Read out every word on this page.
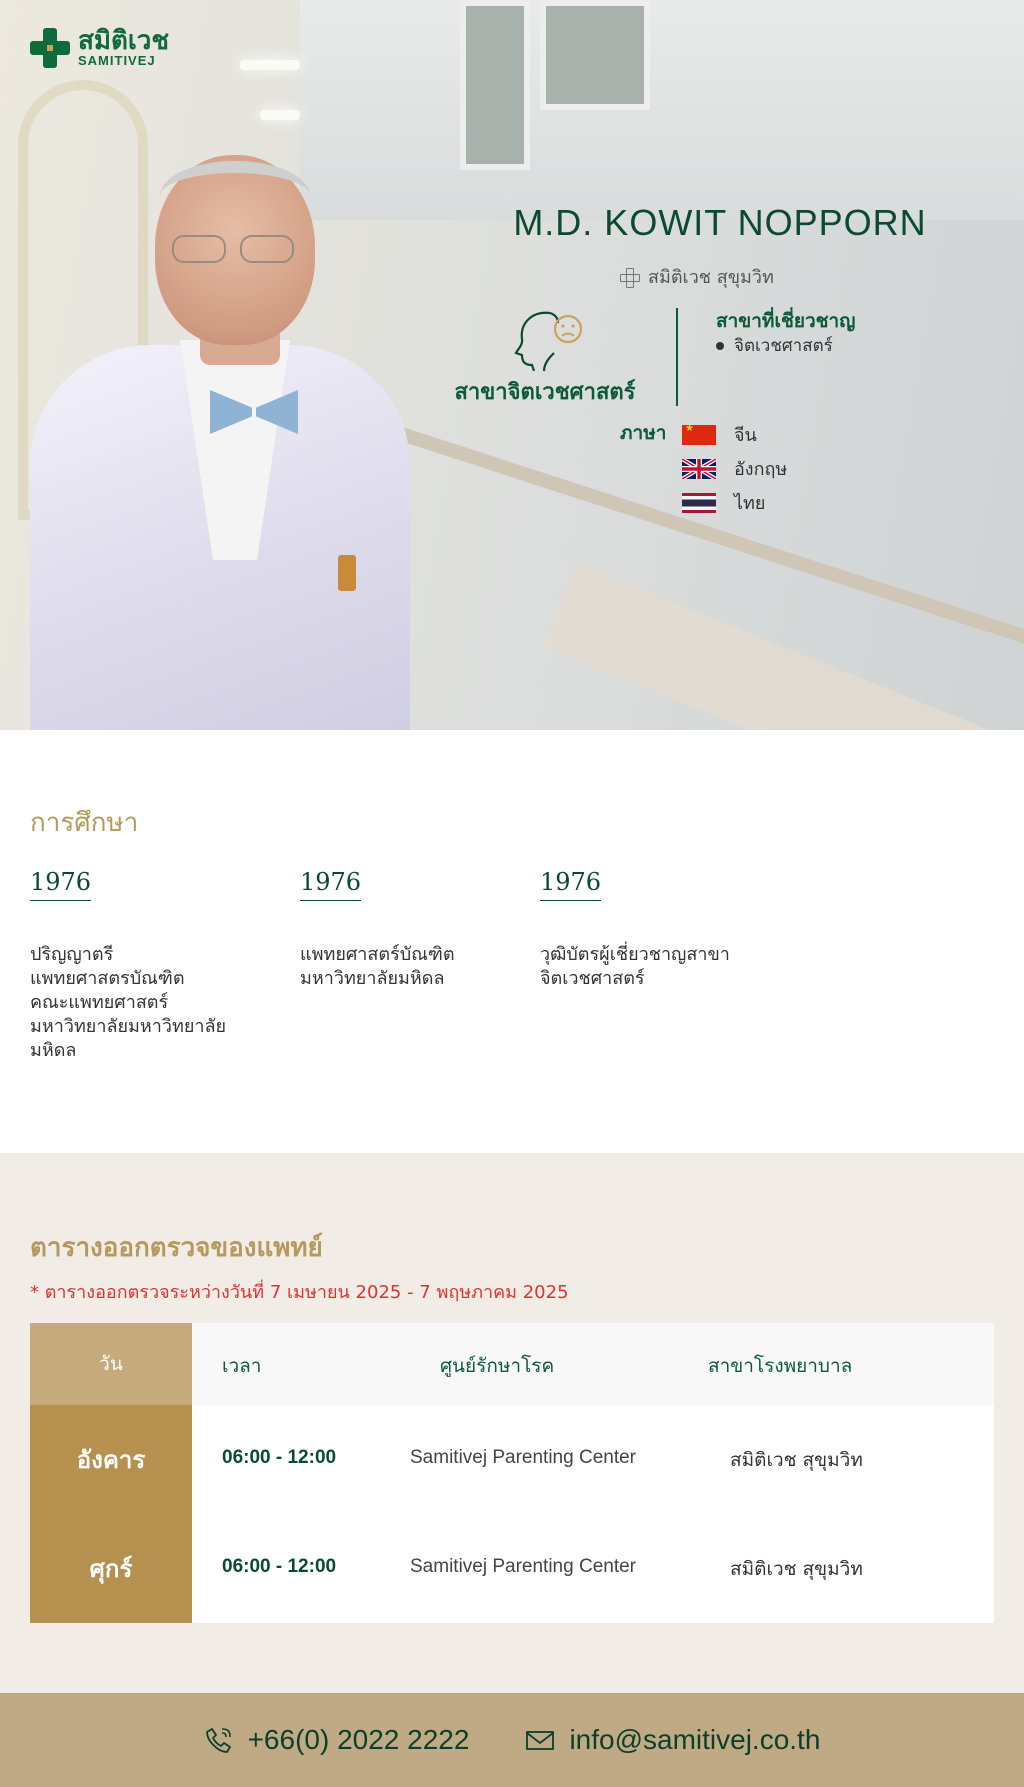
สมิติเวช
SAMITIVEJ
M.D. KOWIT NOPPORN
สมิติเวช สุขุมวิท
สาขาจิตเวชศาสตร์
สาขาที่เชี่ยวชาญ
จิตเวชศาสตร์
ภาษา
★	จีน
อังกฤษ
ไทย
การศึกษา
1976
ปริญญาตรี
แพทยศาสตรบัณฑิต
คณะแพทยศาสตร์
มหาวิทยาลัยมหาวิทยาลัย
มหิดล
1976
แพทยศาสตร์บัณฑิต
มหาวิทยาลัยมหิดล
1976
วุฒิบัตรผู้เชี่ยวชาญสาขา
จิตเวชศาสตร์
ตารางออกตรวจของแพทย์
* ตารางออกตรวจระหว่างวันที่ 7 เมษายน 2025 - 7 พฤษภาคม 2025
วัน	เวลา	ศูนย์รักษาโรค	สาขาโรงพยาบาล
อังคาร	06:00 - 12:00	Samitivej Parenting Center	สมิติเวช สุขุมวิท
ศุกร์	06:00 - 12:00	Samitivej Parenting Center	สมิติเวช สุขุมวิท
+66(0) 2022 2222	info@samitivej.co.th
